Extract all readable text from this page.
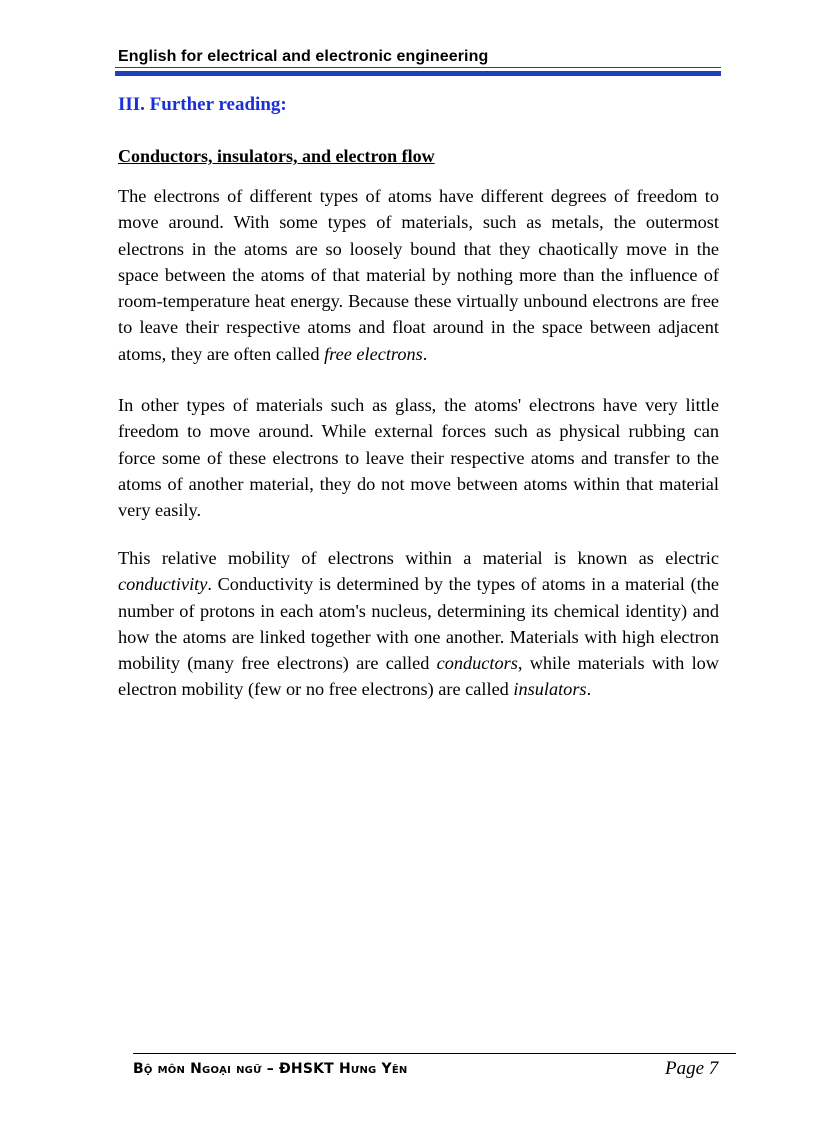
English for electrical and electronic engineering
III. Further reading:
Conductors, insulators, and electron flow

The electrons of different types of atoms have different degrees of freedom to move around. With some types of materials, such as metals, the outermost electrons in the atoms are so loosely bound that they chaotically move in the space between the atoms of that material by nothing more than the influence of room-temperature heat energy. Because these virtually unbound electrons are free to leave their respective atoms and float around in the space between adjacent atoms, they are often called free electrons.

In other types of materials such as glass, the atoms' electrons have very little freedom to move around. While external forces such as physical rubbing can force some of these electrons to leave their respective atoms and transfer to the atoms of another material, they do not move between atoms within that material very easily.

This relative mobility of electrons within a material is known as electric conductivity. Conductivity is determined by the types of atoms in a material (the number of protons in each atom's nucleus, determining its chemical identity) and how the atoms are linked together with one another. Materials with high electron mobility (many free electrons) are called conductors, while materials with low electron mobility (few or no free electrons) are called insulators.

Bộ môn Ngoại ngữ – ĐHSKT Hưng Yên	Page 7
